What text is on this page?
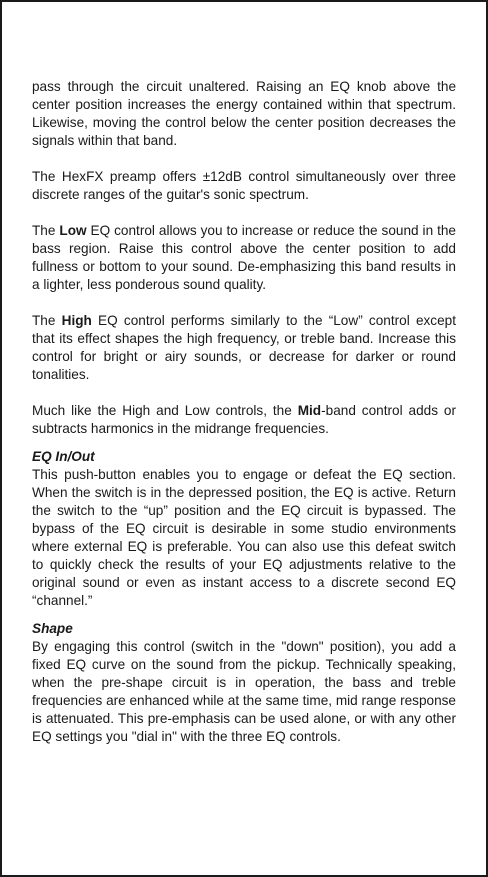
pass through the circuit unaltered. Raising an EQ knob above the center position increases the energy contained within that spectrum. Likewise, moving the control below the center position decreases the signals within that band.

The HexFX preamp offers ±12dB control simultaneously over three discrete ranges of the guitar's sonic spectrum.

The Low EQ control allows you to increase or reduce the sound in the bass region. Raise this control above the center position to add fullness or bottom to your sound. De-emphasizing this band results in a lighter, less ponderous sound quality.

The High EQ control performs similarly to the “Low” control except that its effect shapes the high frequency, or treble band. Increase this control for bright or airy sounds, or decrease for darker or round tonalities.

Much like the High and Low controls, the Mid-band control adds or subtracts harmonics in the midrange frequencies.

EQ In/Out

This push-button enables you to engage or defeat the EQ section. When the switch is in the depressed position, the EQ is active. Return the switch to the “up” position and the EQ circuit is bypassed. The bypass of the EQ circuit is desirable in some studio environments where external EQ is preferable. You can also use this defeat switch to quickly check the results of your EQ adjustments relative to the original sound or even as instant access to a discrete second EQ “channel.”

Shape

By engaging this control (switch in the "down" position), you add a fixed EQ curve on the sound from the pickup. Technically speaking, when the pre-shape circuit is in operation, the bass and treble frequencies are enhanced while at the same time, mid range response is attenuated. This pre-emphasis can be used alone, or with any other EQ settings you "dial in" with the three EQ controls.
